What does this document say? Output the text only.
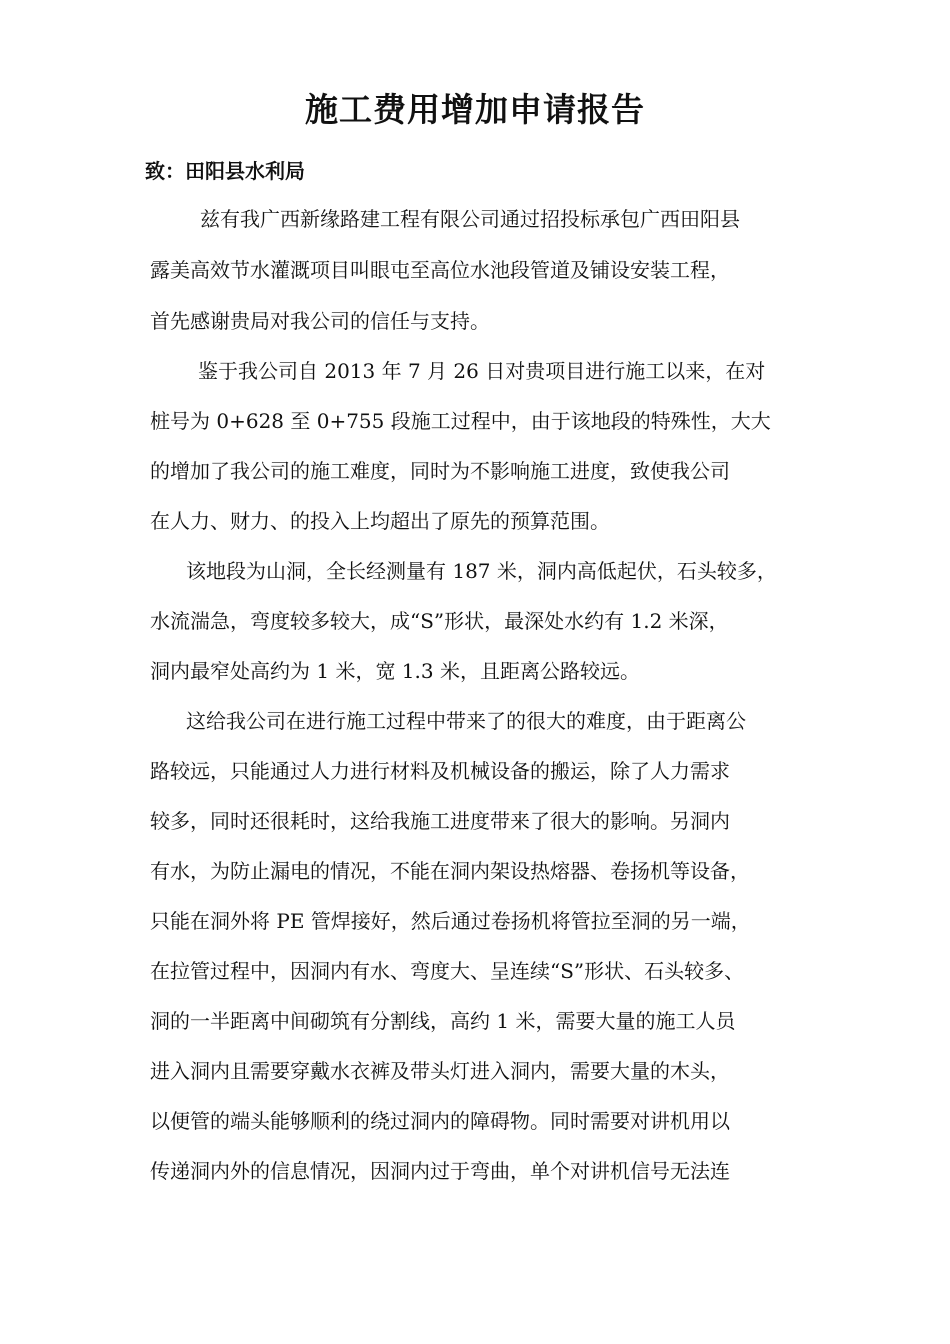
施工费用增加申请报告
致：田阳县水利局
兹有我广西新缘路建工程有限公司通过招投标承包广西田阳县
露美高效节水灌溉项目叫眼屯至高位水池段管道及铺设安装工程，
首先感谢贵局对我公司的信任与支持。
鉴于我公司自 2013 年 7 月 26 日对贵项目进行施工以来，在对
桩号为 0+628 至 0+755 段施工过程中，由于该地段的特殊性，大大
的增加了我公司的施工难度，同时为不影响施工进度，致使我公司
在人力、财力、的投入上均超出了原先的预算范围。
该地段为山洞，全长经测量有 187 米，洞内高低起伏，石头较多，
水流湍急，弯度较多较大，成“S”形状，最深处水约有 1.2 米深，
洞内最窄处高约为 1 米，宽 1.3 米，且距离公路较远。
这给我公司在进行施工过程中带来了的很大的难度，由于距离公
路较远，只能通过人力进行材料及机械设备的搬运，除了人力需求
较多，同时还很耗时，这给我施工进度带来了很大的影响。另洞内
有水，为防止漏电的情况，不能在洞内架设热熔器、卷扬机等设备，
只能在洞外将 PE 管焊接好，然后通过卷扬机将管拉至洞的另一端，
在拉管过程中，因洞内有水、弯度大、呈连续“S”形状、石头较多、
洞的一半距离中间砌筑有分割线，高约 1 米，需要大量的施工人员
进入洞内且需要穿戴水衣裤及带头灯进入洞内，需要大量的木头，
以便管的端头能够顺利的绕过洞内的障碍物。同时需要对讲机用以
传递洞内外的信息情况，因洞内过于弯曲，单个对讲机信号无法连
